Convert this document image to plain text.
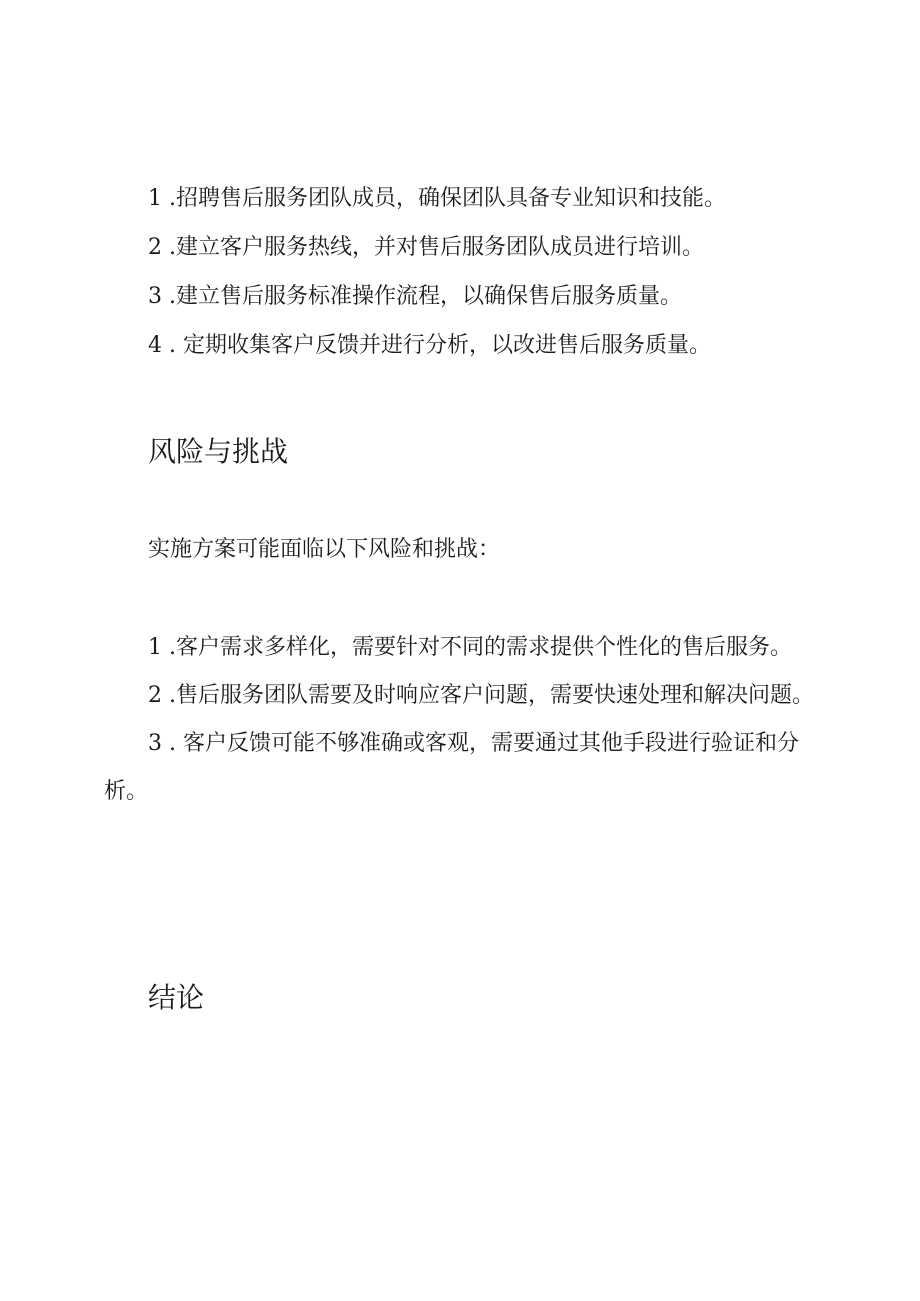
1 .招聘售后服务团队成员，确保团队具备专业知识和技能。
2 .建立客户服务热线，并对售后服务团队成员进行培训。
3 .建立售后服务标准操作流程，以确保售后服务质量。
4 . 定期收集客户反馈并进行分析，以改进售后服务质量。
风险与挑战
实施方案可能面临以下风险和挑战：
1 .客户需求多样化，需要针对不同的需求提供个性化的售后服务。
2 .售后服务团队需要及时响应客户问题，需要快速处理和解决问题。
3 . 客户反馈可能不够准确或客观，需要通过其他手段进行验证和分析。
结论
